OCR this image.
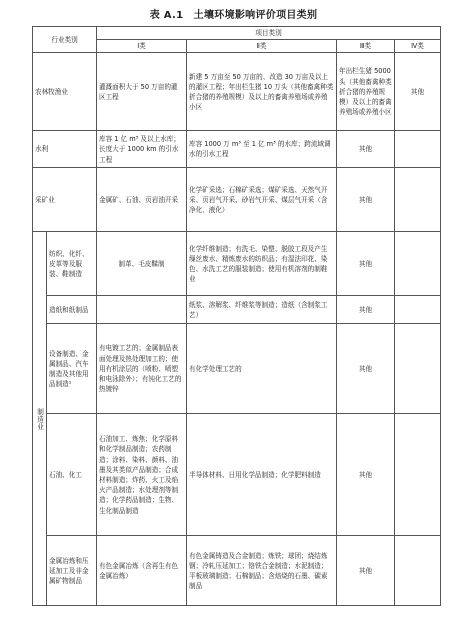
表 A.1　土壤环境影响评价项目类别
行业类别		项目类别			
		Ⅰ类	Ⅱ类	Ⅲ类	Ⅳ类
农林牧渔业		灌溉面积大于 50 万亩的灌区工程	新建 5 万亩至 50 万亩的、改造 30 万亩及以上的灌区工程；年出栏生猪 10 万头（其他畜禽种类折合猪的养殖规模）及以上的畜禽养殖场或养殖小区	年出栏生猪 5000 头（其他畜禽种类折合猪的养殖规模）及以上的畜禽养殖场或养殖小区	其他
水利		库容 1 亿 m³ 及以上水库；长度大于 1000 km 的引水工程	库容 1000 万 m³ 至 1 亿 m³ 的水库；跨流域调水的引水工程	其他	
采矿业		金属矿、石油、页岩油开采	化学矿采选；石棉矿采选；煤矿采选、天然气开采、页岩气开采、砂岩气开采、煤层气开采（含净化、液化）	其他	
制造业	纺织、化纤、皮革等及服装、鞋制造	制革、毛皮鞣制	化学纤维制造；有洗毛、染整、脱胶工段及产生缫丝废水、精炼废水的纺织品；有湿法印花、染色、水洗工艺的服装制造；使用有机溶剂的制鞋业	其他	
	造纸和纸制品		纸浆、溶解浆、纤维浆等制造；造纸（含制浆工艺）	其他	
	设备制造、金属制品、汽车制造及其他用品制造¹	有电镀工艺的；金属制品表面处理及热处理加工的；使用有机涂层的（喷粉、喷塑和电泳除外）；有钝化工艺的热镀锌	有化学处理工艺的	其他	
	石油、化工	石油加工、炼焦；化学原料和化学制品制造；农药制造；涂料、染料、颜料、油墨及其类似产品制造；合成材料制造；炸药、火工及焰火产品制造；水处理剂等制造；化学药品制造；生物、生化制品制造	半导体材料、日用化学品制造；化学肥料制造	其他	
	金属冶炼和压延加工及非金属矿物制品	有色金属冶炼（含再生有色金属冶炼）	有色金属铸造及合金制造；炼铁；球团；烧结炼钢；冷轧压延加工；铬铁合金制造；水泥制造；平板玻璃制造；石棉制品；含焙烧的石墨、碳素制品	其他	
